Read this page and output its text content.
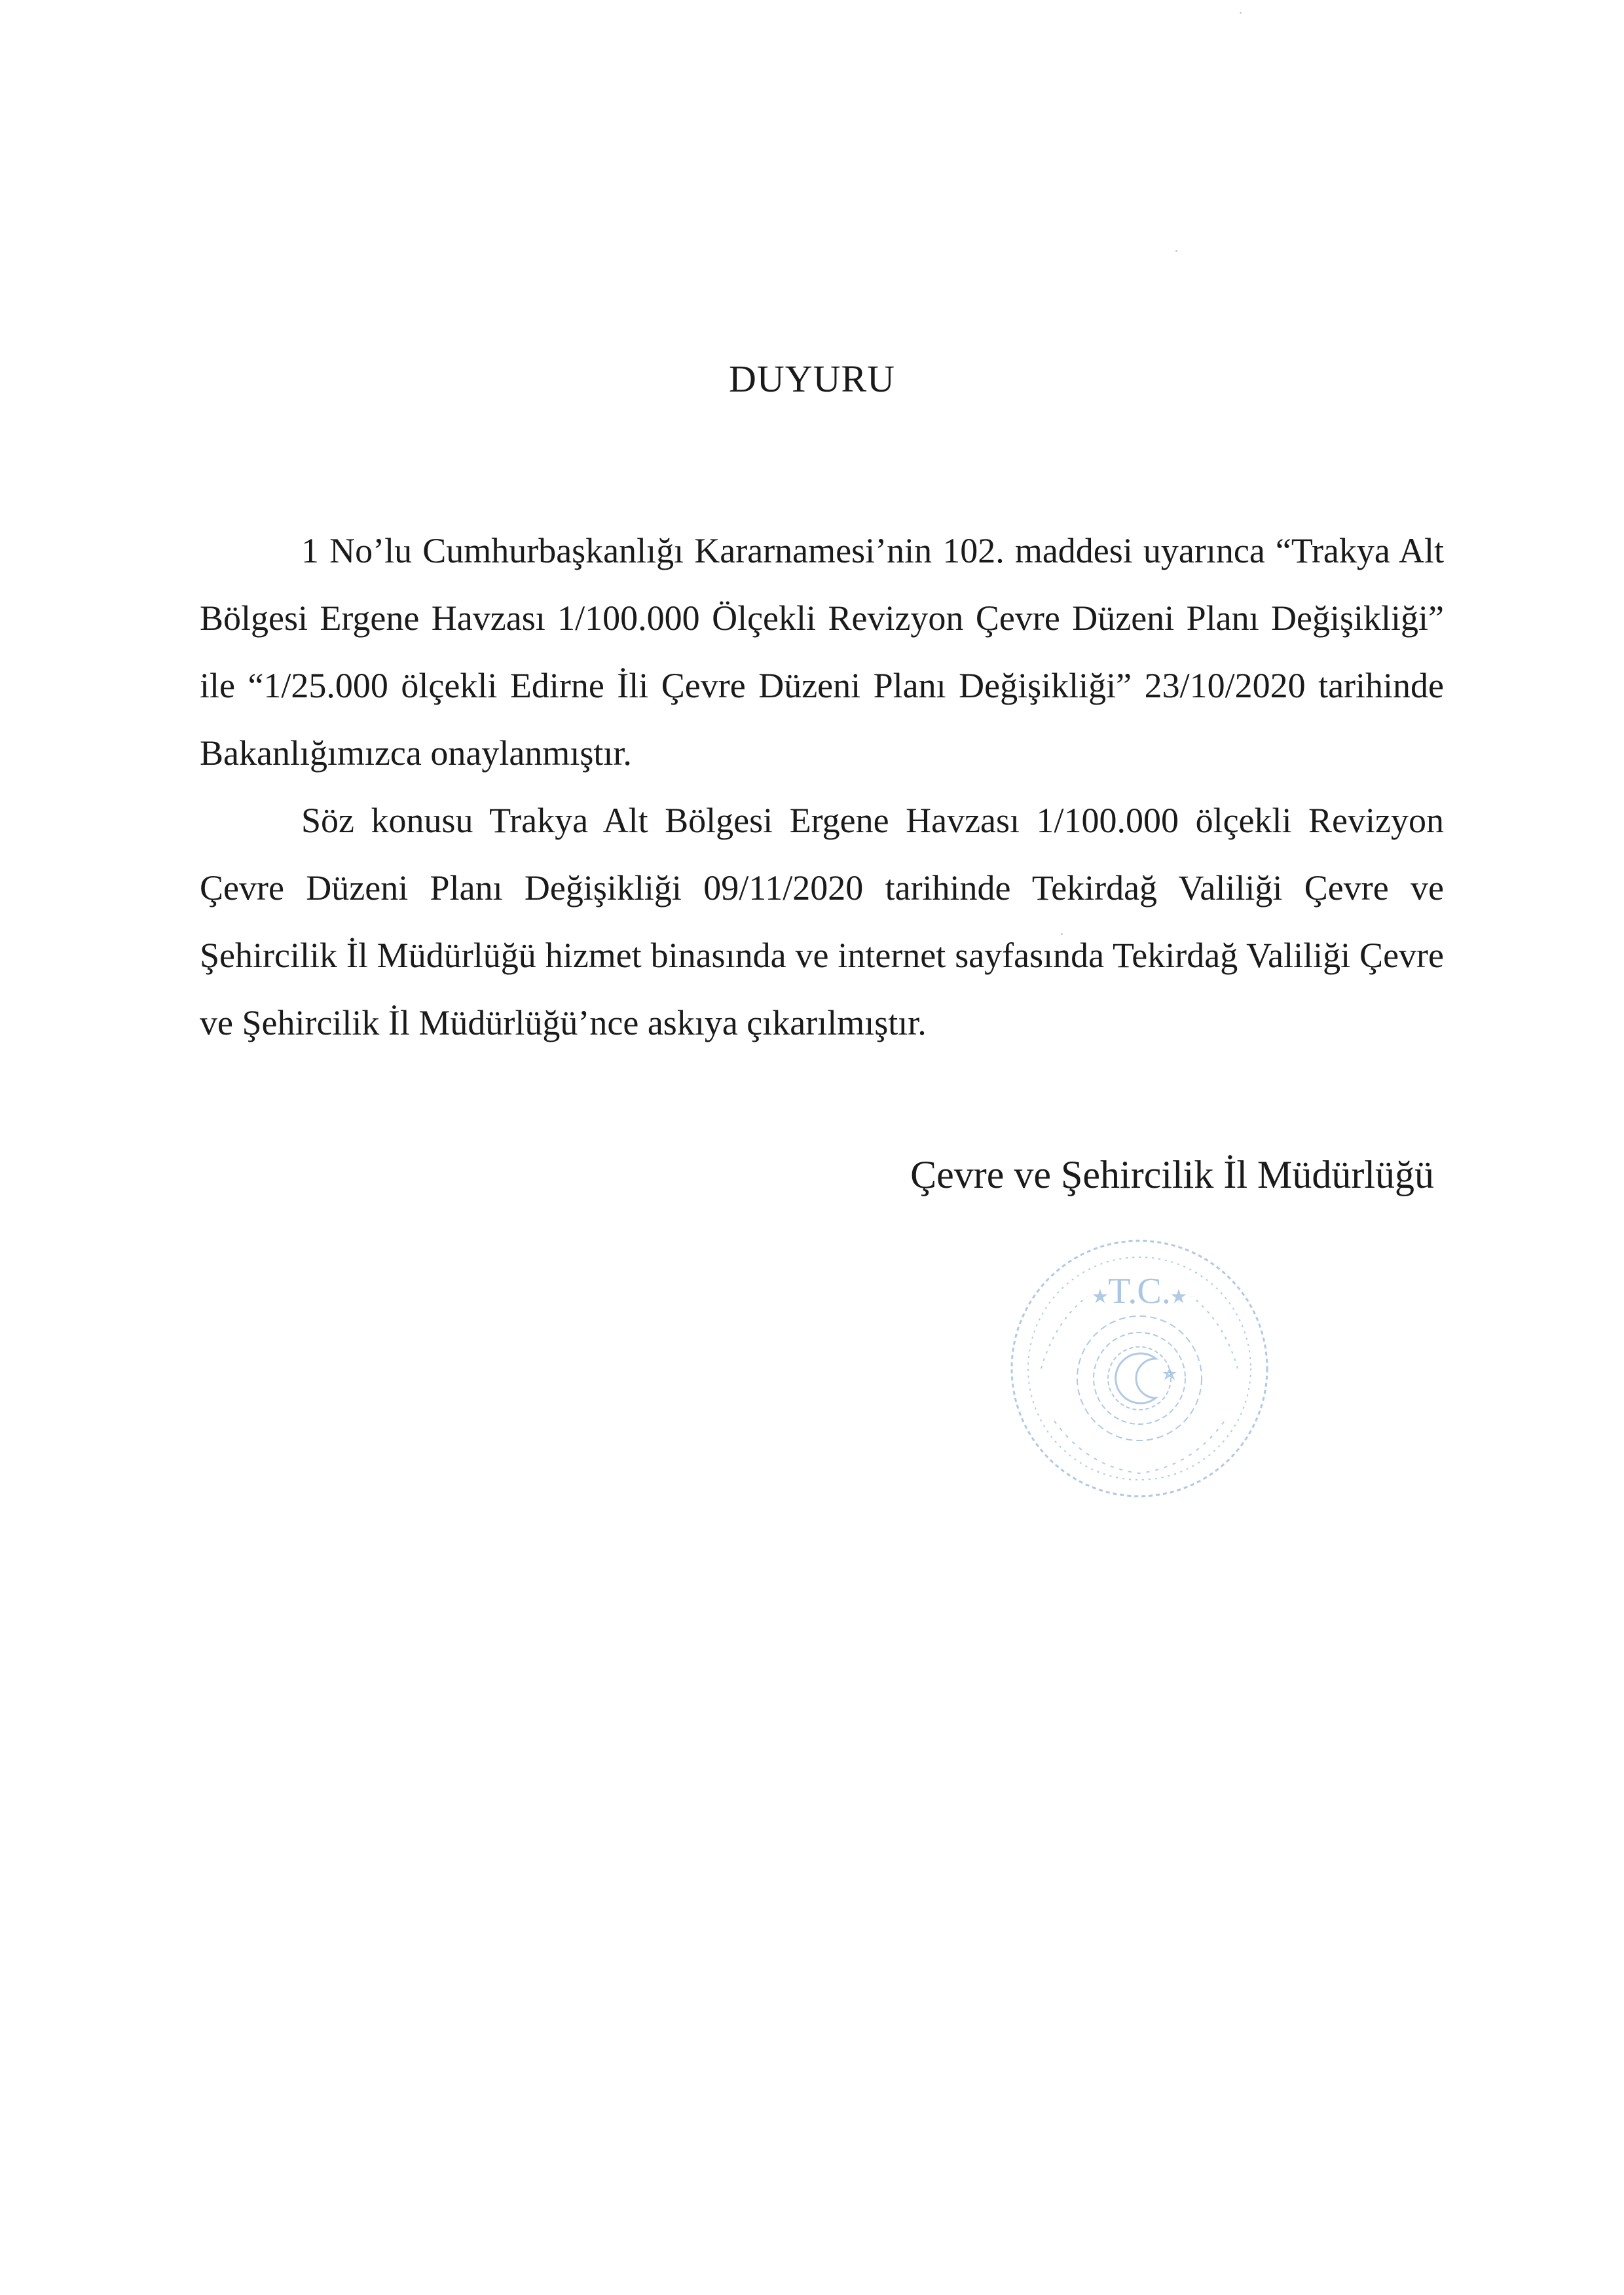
DUYURU

1 No’lu Cumhurbaşkanlığı Kararnamesi’nin 102. maddesi uyarınca “Trakya Alt Bölgesi Ergene Havzası 1/100.000 Ölçekli Revizyon Çevre Düzeni Planı Değişikliği” ile “1/25.000 ölçekli Edirne İli Çevre Düzeni Planı Değişikliği” 23/10/2020 tarihinde Bakanlığımızca onaylanmıştır.

Söz konusu Trakya Alt Bölgesi Ergene Havzası 1/100.000 ölçekli Revizyon Çevre Düzeni Planı Değişikliği 09/11/2020 tarihinde Tekirdağ Valiliği Çevre ve Şehircilik İl Müdürlüğü hizmet binasında ve internet sayfasında Tekirdağ Valiliği Çevre ve Şehircilik İl Müdürlüğü’nce askıya çıkarılmıştır.

Çevre ve Şehircilik İl Müdürlüğü
T.C.
★	★
